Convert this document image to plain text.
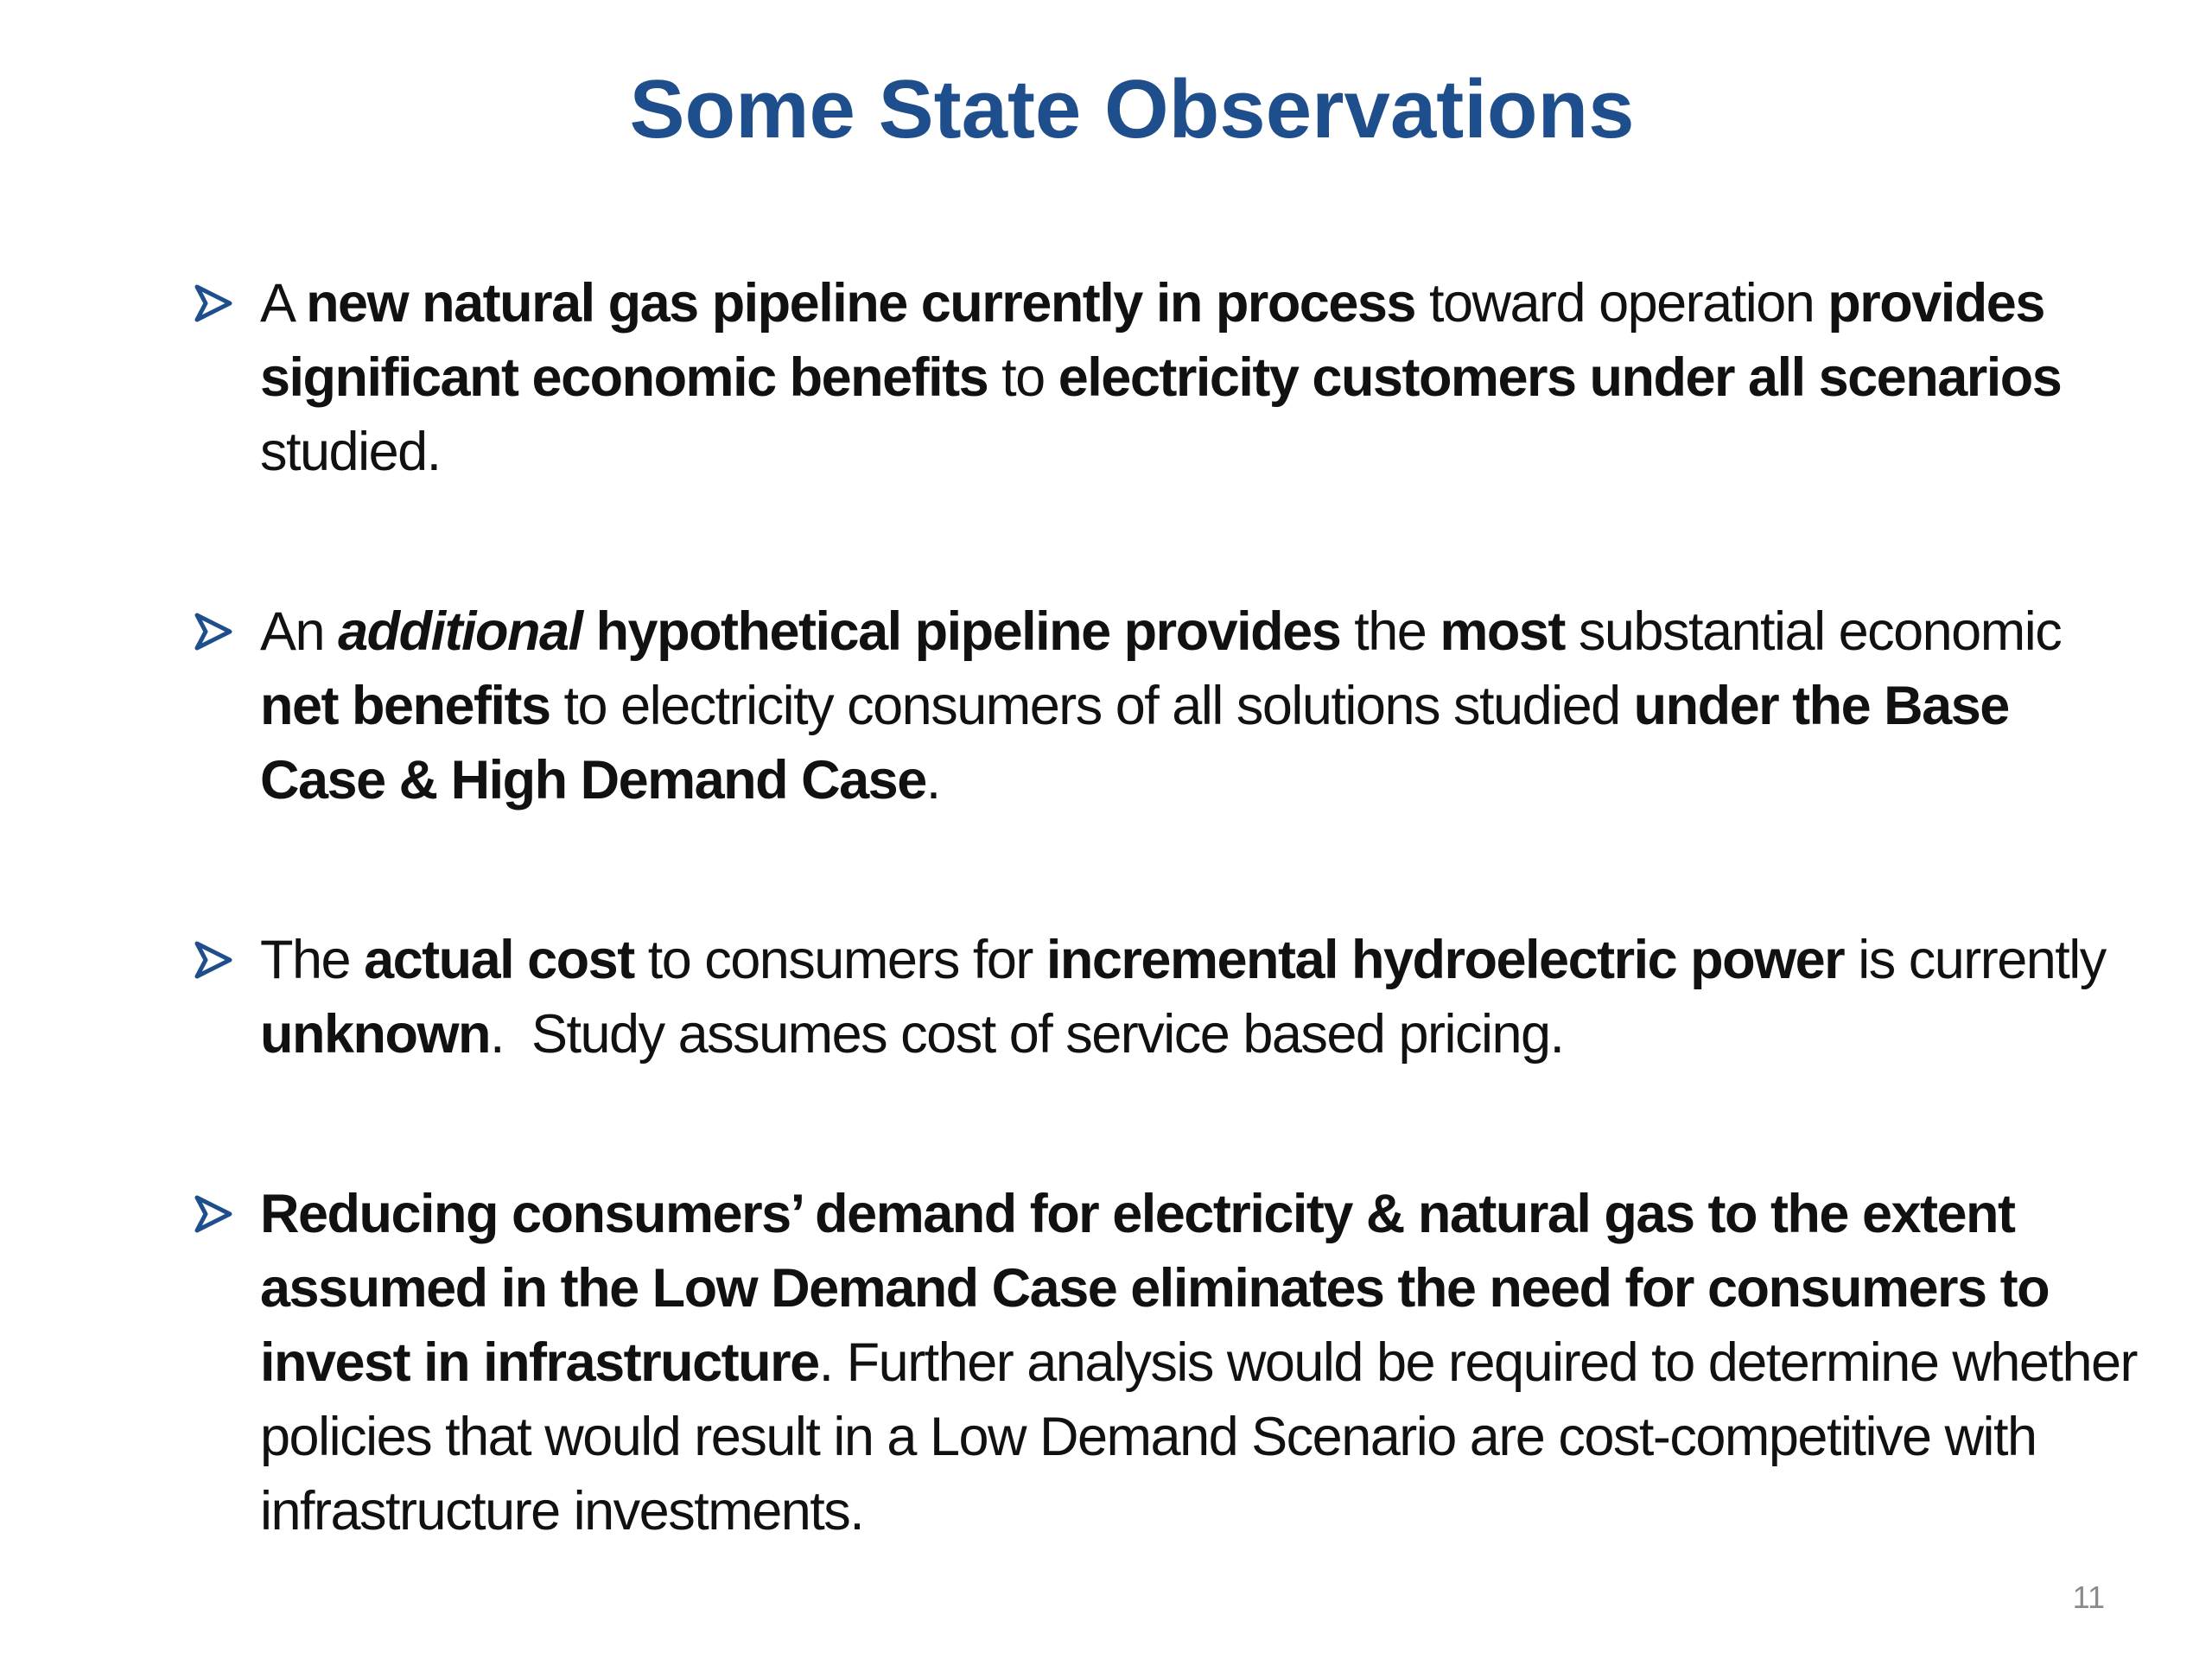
Some State Observations
A new natural gas pipeline currently in process toward operation provides significant economic benefits to electricity customers under all scenarios studied.
An additional hypothetical pipeline provides the most substantial economic net benefits to electricity consumers of all solutions studied under the Base Case & High Demand Case.
The actual cost to consumers for incremental hydroelectric power is currently unknown.  Study assumes cost of service based pricing.
Reducing consumers’ demand for electricity & natural gas to the extent assumed in the Low Demand Case eliminates the need for consumers to invest in infrastructure. Further analysis would be required to determine whether policies that would result in a Low Demand Scenario are cost-competitive with infrastructure investments.
11
